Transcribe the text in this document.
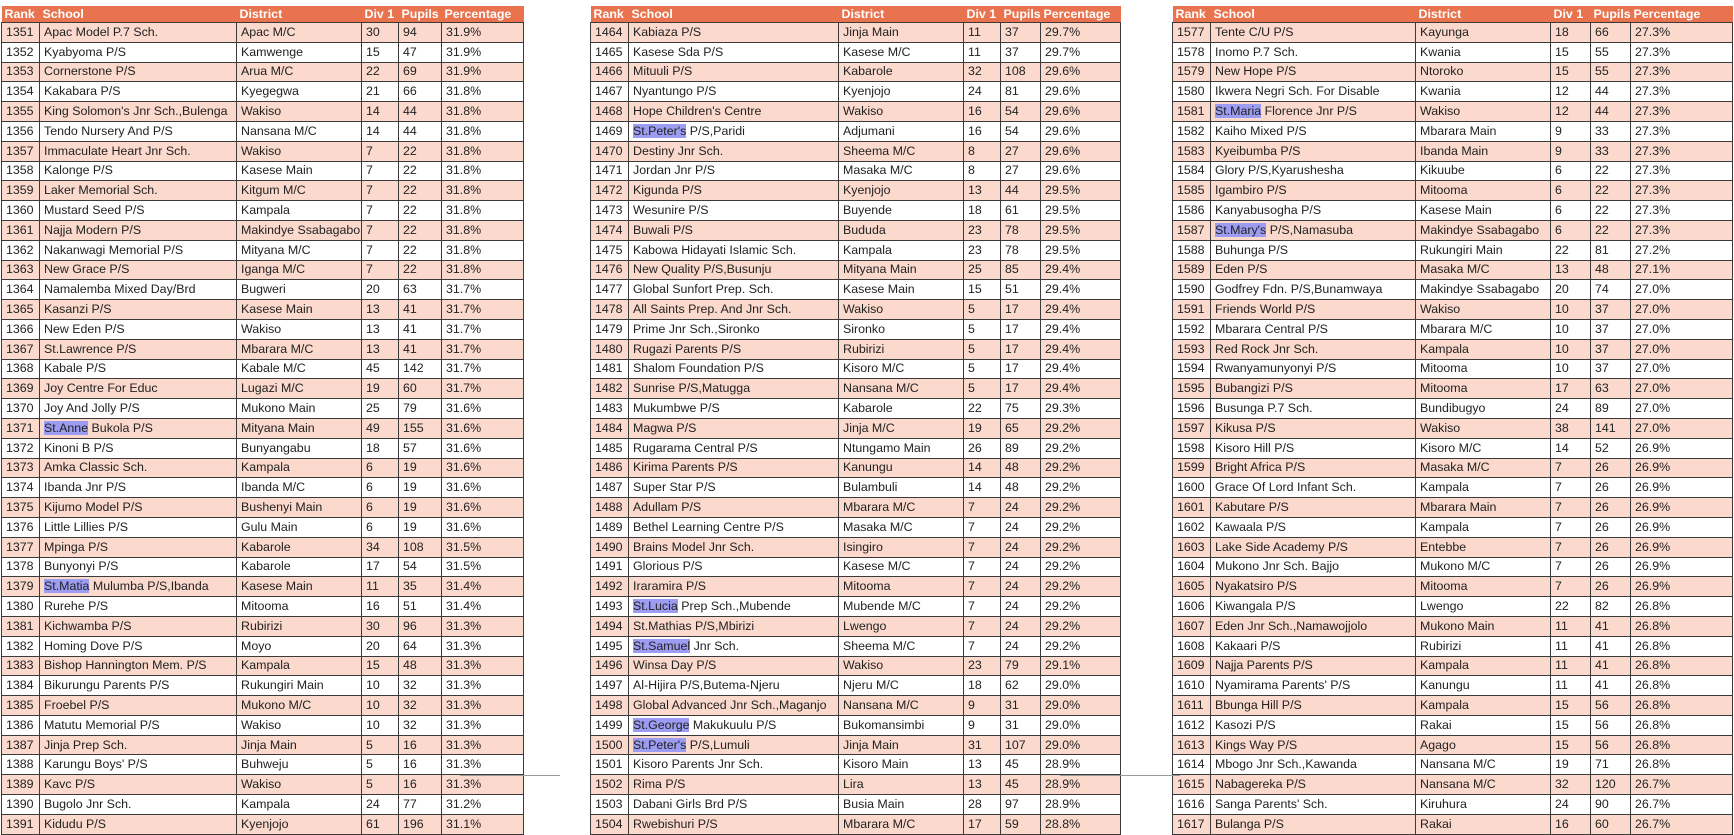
Rank	School	District	Div 1	Pupils	Percentage
1351	Apac Model P.7 Sch.	Apac M/C	30	94	31.9%
1352	Kyabyoma P/S	Kamwenge	15	47	31.9%
1353	Cornerstone P/S	Arua M/C	22	69	31.9%
1354	Kakabara P/S	Kyegegwa	21	66	31.8%
1355	King Solomon's Jnr Sch.,Bulenga	Wakiso	14	44	31.8%
1356	Tendo Nursery And P/S	Nansana M/C	14	44	31.8%
1357	Immaculate Heart Jnr Sch.	Wakiso	7	22	31.8%
1358	Kalonge P/S	Kasese Main	7	22	31.8%
1359	Laker Memorial Sch.	Kitgum M/C	7	22	31.8%
1360	Mustard Seed P/S	Kampala	7	22	31.8%
1361	Najja Modern P/S	Makindye Ssabagabo	7	22	31.8%
1362	Nakanwagi Memorial P/S	Mityana M/C	7	22	31.8%
1363	New Grace P/S	Iganga M/C	7	22	31.8%
1364	Namalemba Mixed Day/Brd	Bugweri	20	63	31.7%
1365	Kasanzi P/S	Kasese Main	13	41	31.7%
1366	New Eden P/S	Wakiso	13	41	31.7%
1367	St.Lawrence P/S	Mbarara M/C	13	41	31.7%
1368	Kabale P/S	Kabale M/C	45	142	31.7%
1369	Joy Centre For Educ	Lugazi M/C	19	60	31.7%
1370	Joy And Jolly P/S	Mukono Main	25	79	31.6%
1371	St.Anne Bukola P/S	Mityana Main	49	155	31.6%
1372	Kinoni B P/S	Bunyangabu	18	57	31.6%
1373	Amka Classic Sch.	Kampala	6	19	31.6%
1374	Ibanda Jnr P/S	Ibanda M/C	6	19	31.6%
1375	Kijumo Model P/S	Bushenyi Main	6	19	31.6%
1376	Little Lillies P/S	Gulu Main	6	19	31.6%
1377	Mpinga P/S	Kabarole	34	108	31.5%
1378	Bunyonyi P/S	Kabarole	17	54	31.5%
1379	St.Matia Mulumba P/S,Ibanda	Kasese Main	11	35	31.4%
1380	Rurehe P/S	Mitooma	16	51	31.4%
1381	Kichwamba P/S	Rubirizi	30	96	31.3%
1382	Homing Dove P/S	Moyo	20	64	31.3%
1383	Bishop Hannington Mem. P/S	Kampala	15	48	31.3%
1384	Bikurungu Parents P/S	Rukungiri Main	10	32	31.3%
1385	Froebel P/S	Mukono M/C	10	32	31.3%
1386	Matutu Memorial P/S	Wakiso	10	32	31.3%
1387	Jinja Prep Sch.	Jinja Main	5	16	31.3%
1388	Karungu Boys' P/S	Buhweju	5	16	31.3%
1389	Kavc P/S	Wakiso	5	16	31.3%
1390	Bugolo Jnr Sch.	Kampala	24	77	31.2%
1391	Kidudu P/S	Kyenjojo	61	196	31.1%
Rank	School	District	Div 1	Pupils	Percentage
1464	Kabiaza P/S	Jinja Main	11	37	29.7%
1465	Kasese Sda P/S	Kasese M/C	11	37	29.7%
1466	Mituuli P/S	Kabarole	32	108	29.6%
1467	Nyantungo P/S	Kyenjojo	24	81	29.6%
1468	Hope Children's Centre	Wakiso	16	54	29.6%
1469	St.Peter's P/S,Paridi	Adjumani	16	54	29.6%
1470	Destiny Jnr Sch.	Sheema M/C	8	27	29.6%
1471	Jordan Jnr P/S	Masaka M/C	8	27	29.6%
1472	Kigunda P/S	Kyenjojo	13	44	29.5%
1473	Wesunire P/S	Buyende	18	61	29.5%
1474	Buwali P/S	Bududa	23	78	29.5%
1475	Kabowa Hidayati Islamic Sch.	Kampala	23	78	29.5%
1476	New Quality P/S,Busunju	Mityana Main	25	85	29.4%
1477	Global Sunfort Prep. Sch.	Kasese Main	15	51	29.4%
1478	All Saints Prep. And Jnr Sch.	Wakiso	5	17	29.4%
1479	Prime Jnr Sch.,Sironko	Sironko	5	17	29.4%
1480	Rugazi Parents P/S	Rubirizi	5	17	29.4%
1481	Shalom Foundation P/S	Kisoro M/C	5	17	29.4%
1482	Sunrise P/S,Matugga	Nansana M/C	5	17	29.4%
1483	Mukumbwe P/S	Kabarole	22	75	29.3%
1484	Magwa P/S	Jinja M/C	19	65	29.2%
1485	Rugarama Central P/S	Ntungamo Main	26	89	29.2%
1486	Kirima Parents P/S	Kanungu	14	48	29.2%
1487	Super Star P/S	Bulambuli	14	48	29.2%
1488	Adullam P/S	Mbarara M/C	7	24	29.2%
1489	Bethel Learning Centre P/S	Masaka M/C	7	24	29.2%
1490	Brains Model Jnr Sch.	Isingiro	7	24	29.2%
1491	Glorious P/S	Kasese M/C	7	24	29.2%
1492	Iraramira P/S	Mitooma	7	24	29.2%
1493	St.Lucia Prep Sch.,Mubende	Mubende M/C	7	24	29.2%
1494	St.Mathias P/S,Mbirizi	Lwengo	7	24	29.2%
1495	St.Samuel Jnr Sch.	Sheema M/C	7	24	29.2%
1496	Winsa Day P/S	Wakiso	23	79	29.1%
1497	Al-Hijira P/S,Butema-Njeru	Njeru M/C	18	62	29.0%
1498	Global Advanced Jnr Sch.,Maganjo	Nansana M/C	9	31	29.0%
1499	St.George Makukuulu P/S	Bukomansimbi	9	31	29.0%
1500	St.Peter's P/S,Lumuli	Jinja Main	31	107	29.0%
1501	Kisoro Parents Jnr Sch.	Kisoro Main	13	45	28.9%
1502	Rima P/S	Lira	13	45	28.9%
1503	Dabani Girls Brd P/S	Busia Main	28	97	28.9%
1504	Rwebishuri P/S	Mbarara M/C	17	59	28.8%
Rank	School	District	Div 1	Pupils	Percentage
1577	Tente C/U P/S	Kayunga	18	66	27.3%
1578	Inomo P.7 Sch.	Kwania	15	55	27.3%
1579	New Hope P/S	Ntoroko	15	55	27.3%
1580	Ikwera Negri Sch. For Disable	Kwania	12	44	27.3%
1581	St.Maria Florence Jnr P/S	Wakiso	12	44	27.3%
1582	Kaiho Mixed P/S	Mbarara Main	9	33	27.3%
1583	Kyeibumba P/S	Ibanda Main	9	33	27.3%
1584	Glory P/S,Kyarushesha	Kikuube	6	22	27.3%
1585	Igambiro P/S	Mitooma	6	22	27.3%
1586	Kanyabusogha P/S	Kasese Main	6	22	27.3%
1587	St.Mary's P/S,Namasuba	Makindye Ssabagabo	6	22	27.3%
1588	Buhunga P/S	Rukungiri Main	22	81	27.2%
1589	Eden P/S	Masaka M/C	13	48	27.1%
1590	Godfrey Fdn. P/S,Bunamwaya	Makindye Ssabagabo	20	74	27.0%
1591	Friends World P/S	Wakiso	10	37	27.0%
1592	Mbarara Central P/S	Mbarara M/C	10	37	27.0%
1593	Red Rock Jnr Sch.	Kampala	10	37	27.0%
1594	Rwanyamunyonyi P/S	Mitooma	10	37	27.0%
1595	Bubangizi P/S	Mitooma	17	63	27.0%
1596	Busunga P.7 Sch.	Bundibugyo	24	89	27.0%
1597	Kikusa P/S	Wakiso	38	141	27.0%
1598	Kisoro Hill P/S	Kisoro M/C	14	52	26.9%
1599	Bright Africa P/S	Masaka M/C	7	26	26.9%
1600	Grace Of Lord Infant Sch.	Kampala	7	26	26.9%
1601	Kabutare P/S	Mbarara Main	7	26	26.9%
1602	Kawaala P/S	Kampala	7	26	26.9%
1603	Lake Side Academy P/S	Entebbe	7	26	26.9%
1604	Mukono Jnr Sch. Bajjo	Mukono M/C	7	26	26.9%
1605	Nyakatsiro P/S	Mitooma	7	26	26.9%
1606	Kiwangala P/S	Lwengo	22	82	26.8%
1607	Eden Jnr Sch.,Namawojjolo	Mukono Main	11	41	26.8%
1608	Kakaari P/S	Rubirizi	11	41	26.8%
1609	Najja Parents P/S	Kampala	11	41	26.8%
1610	Nyamirama Parents' P/S	Kanungu	11	41	26.8%
1611	Bbunga Hill P/S	Kampala	15	56	26.8%
1612	Kasozi P/S	Rakai	15	56	26.8%
1613	Kings Way P/S	Agago	15	56	26.8%
1614	Mbogo Jnr Sch.,Kawanda	Nansana M/C	19	71	26.8%
1615	Nabagereka P/S	Nansana M/C	32	120	26.7%
1616	Sanga Parents' Sch.	Kiruhura	24	90	26.7%
1617	Bulanga P/S	Rakai	16	60	26.7%
